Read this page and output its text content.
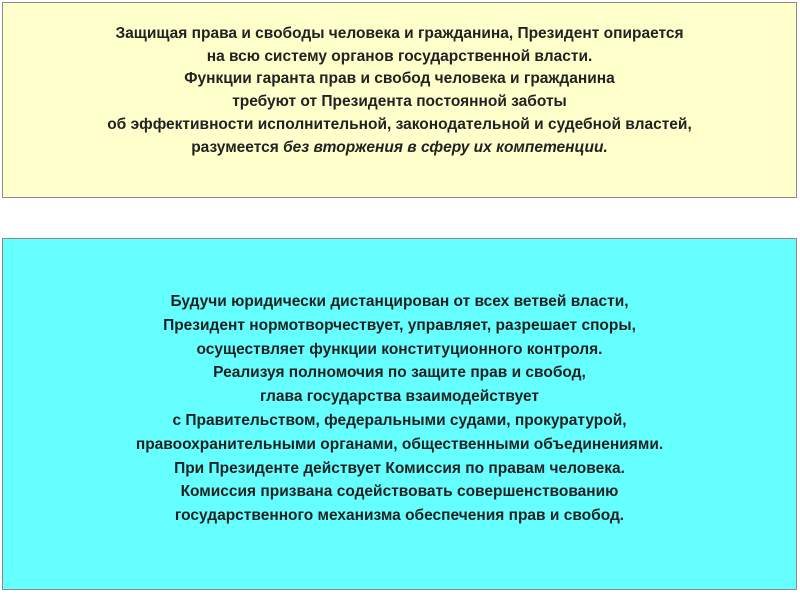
Защищая права и свободы человека и гражданина, Президент опирается
на всю систему органов государственной власти.
Функции гаранта прав и свобод человека и гражданина
требуют от Президента постоянной заботы
об эффективности исполнительной, законодательной и судебной властей,
разумеется без вторжения в сферу их компетенции.
Будучи юридически дистанцирован от всех ветвей власти,
Президент нормотворчествует, управляет, разрешает споры,
осуществляет функции конституционного контроля.
Реализуя полномочия по защите прав и свобод,
глава государства взаимодействует
с Правительством, федеральными судами, прокуратурой,
правоохранительными органами, общественными объединениями.
При Президенте действует Комиссия по правам человека.
Комиссия призвана содействовать совершенствованию
государственного механизма обеспечения прав и свобод.
